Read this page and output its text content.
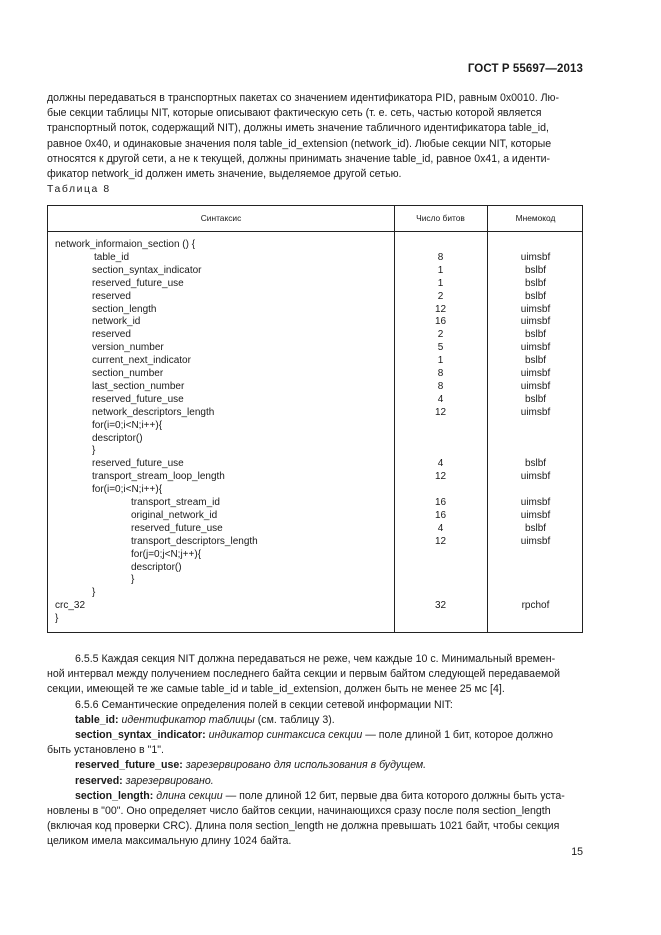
ГОСТ Р 55697—2013

должны передаваться в транспортных пакетах со значением идентификатора PID, равным 0x0010. Лю-

бые секции таблицы NIT, которые описывают фактическую сеть (т. е. сеть, частью которой является

транспортный поток, содержащий NIT), должны иметь значение табличного идентификатора table_id,

равное 0x40, и одинаковые значения поля table_id_extension (network_id). Любые секции NIT, которые

относятся к другой сети, а не к текущей, должны принимать значение table_id, равное 0x41, а иденти-

фикатор network_id должен иметь значение, выделяемое другой сетью.

Таблица 8
Синтаксис	Число битов	Мнемокод
network_informaion_section () {
table_id	8	uimsbf
section_syntax_indicator	1	bslbf
reserved_future_use	1	bslbf
reserved	2	bslbf
section_length	12	uimsbf
network_id	16	uimsbf
reserved	2	bslbf
version_number	5	uimsbf
current_next_indicator	1	bslbf
section_number	8	uimsbf
last_section_number	8	uimsbf
reserved_future_use	4	bslbf
network_descriptors_length	12	uimsbf
for(i=0;i<N;i++){
descriptor()
}
reserved_future_use	4	bslbf
transport_stream_loop_length	12	uimsbf
for(i=0;i<N;i++){
transport_stream_id	16	uimsbf
original_network_id	16	uimsbf
reserved_future_use	4	bslbf
transport_descriptors_length	12	uimsbf
for(j=0;j<N;j++){
descriptor()
}
}
crc_32	32	rpchof
}

6.5.5 Каждая секция NIT должна передаваться не реже, чем каждые 10 с. Минимальный времен-

ной интервал между получением последнего байта секции и первым байтом следующей передаваемой

секции, имеющей те же самые table_id и table_id_extension, должен быть не менее 25 мс [4].

6.5.6 Семантические определения полей в секции сетевой информации NIT:

table_id: идентификатор таблицы (см. таблицу 3).

section_syntax_indicator: индикатор синтаксиса секции — поле длиной 1 бит, которое должно

быть установлено в "1".

reserved_future_use: зарезервировано для использования в будущем.

reserved: зарезервировано.

section_length: длина секции — поле длиной 12 бит, первые два бита которого должны быть уста-

новлены в "00". Оно определяет число байтов секции, начинающихся сразу после поля section_length

(включая код проверки CRC). Длина поля section_length не должна превышать 1021 байт, чтобы секция

целиком имела максимальную длину 1024 байта.

15
